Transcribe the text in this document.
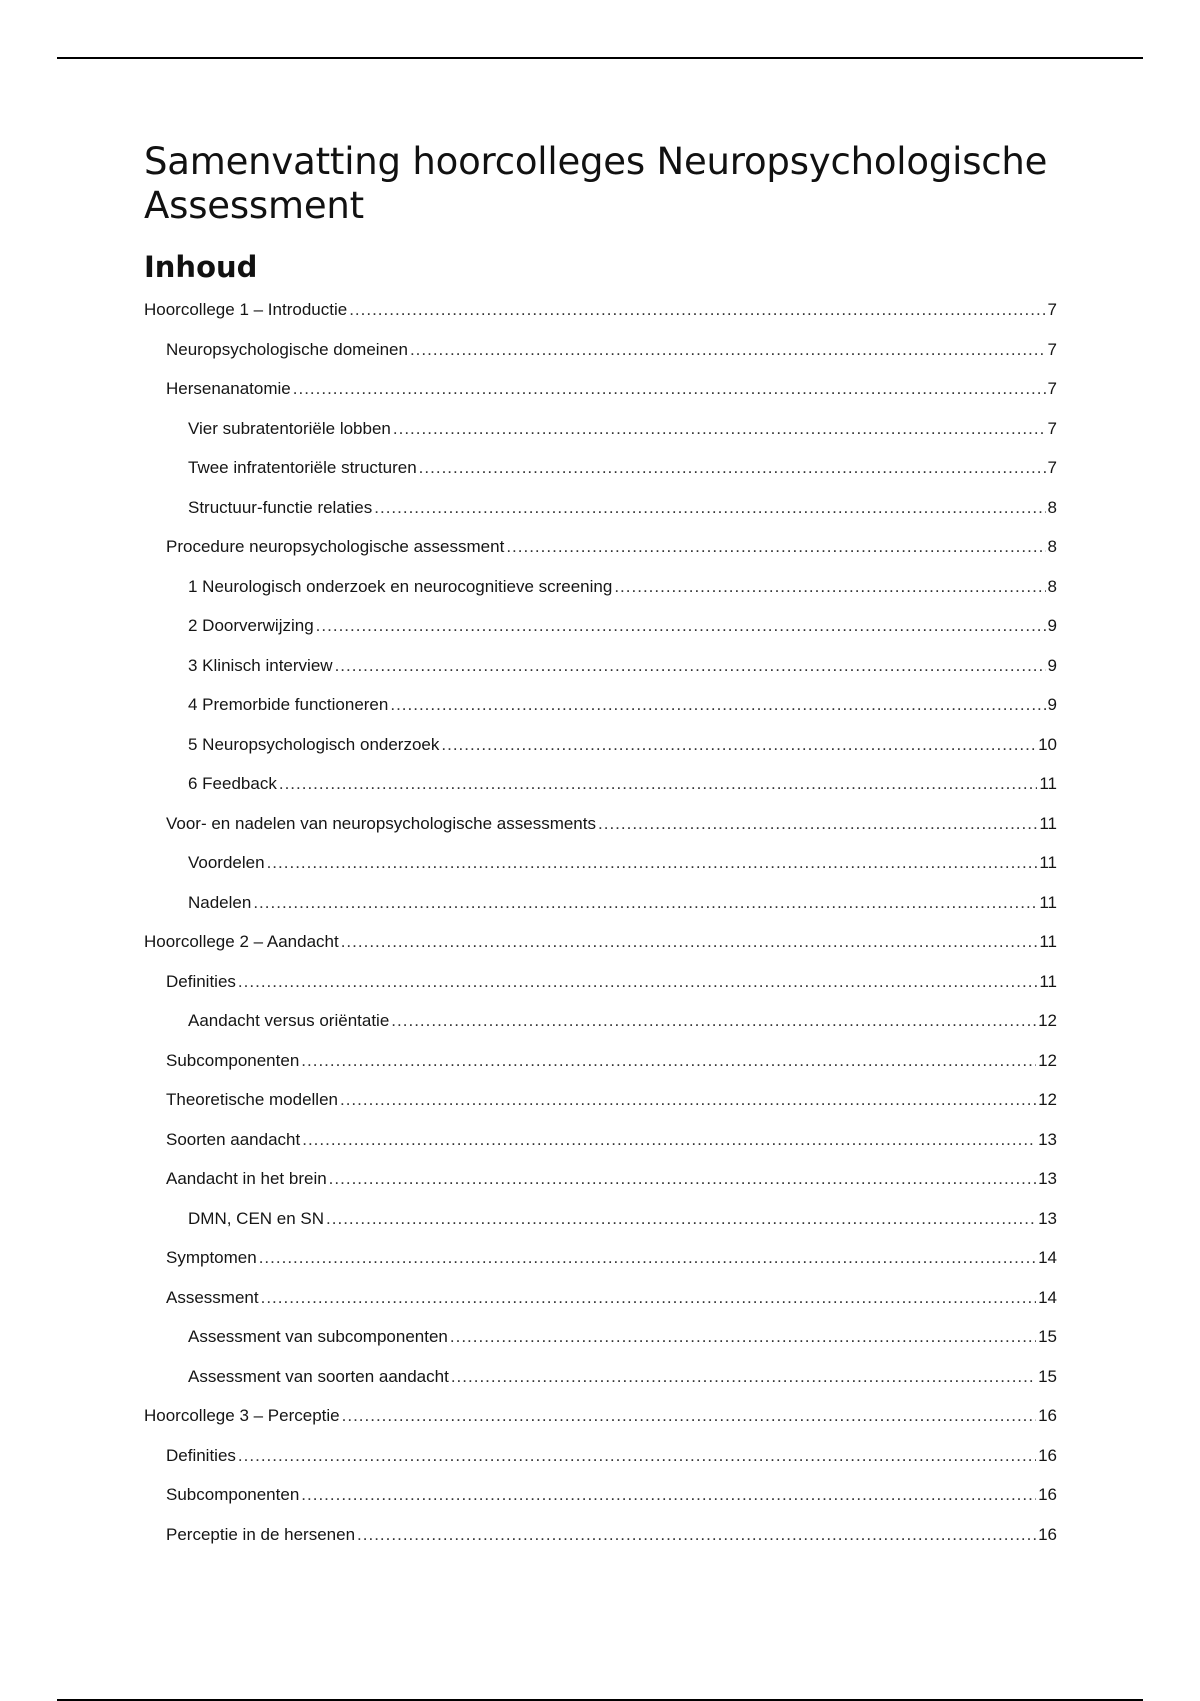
Samenvatting hoorcolleges Neuropsychologische Assessment
Inhoud
Hoorcollege 1 – Introductie .....	7
Neuropsychologische domeinen .....	7
Hersenanatomie .....	7
Vier subratentoriële lobben .....	7
Twee infratentoriële structuren .....	7
Structuur-functie relaties .....	8
Procedure neuropsychologische assessment .....	8
1 Neurologisch onderzoek en neurocognitieve screening .....	8
2 Doorverwijzing .....	9
3 Klinisch interview .....	9
4 Premorbide functioneren .....	9
5 Neuropsychologisch onderzoek .....	10
6 Feedback .....	11
Voor- en nadelen van neuropsychologische assessments .....	11
Voordelen .....	11
Nadelen .....	11
Hoorcollege 2 – Aandacht .....	11
Definities .....	11
Aandacht versus oriëntatie .....	12
Subcomponenten .....	12
Theoretische modellen .....	12
Soorten aandacht .....	13
Aandacht in het brein .....	13
DMN, CEN en SN .....	13
Symptomen .....	14
Assessment .....	14
Assessment van subcomponenten .....	15
Assessment van soorten aandacht .....	15
Hoorcollege 3 – Perceptie .....	16
Definities .....	16
Subcomponenten .....	16
Perceptie in de hersenen .....	16
